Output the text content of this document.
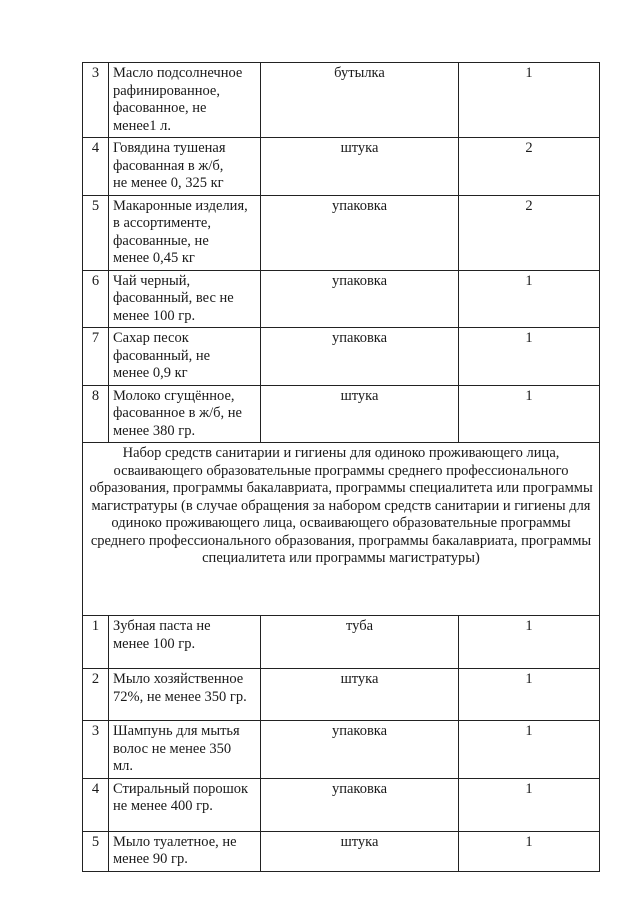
3	Масло подсолнечное
рафинированное,
фасованное, не
менее1 л.	бутылка	1
4	Говядина тушеная
фасованная в ж/б,
не менее 0, 325 кг	штука	2
5	Макаронные изделия,
в ассортименте,
фасованные, не
менее 0,45 кг	упаковка	2
6	Чай черный,
фасованный, вес не
менее 100 гр.	упаковка	1
7	Сахар песок
фасованный, не
менее 0,9 кг	упаковка	1
8	Молоко сгущённое,
фасованное в ж/б, не
менее 380 гр.	штука	1
Набор средств санитарии и гигиены для одиноко проживающего лица, осваивающего образовательные программы среднего профессионального образования, программы бакалавриата, программы специалитета или программы магистратуры (в случае обращения за набором средств санитарии и гигиены для одиноко проживающего лица, осваивающего образовательные программы среднего профессионального образования, программы бакалавриата, программы специалитета или программы магистратуры)			
1	Зубная паста не
менее 100 гр.	туба	1
2	Мыло хозяйственное
72%, не менее 350 гр.	штука	1
3	Шампунь для мытья
волос не менее 350
мл.	упаковка	1
4	Стиральный порошок
не менее 400 гр.	упаковка	1
5	Мыло туалетное, не
менее 90 гр.	штука	1
